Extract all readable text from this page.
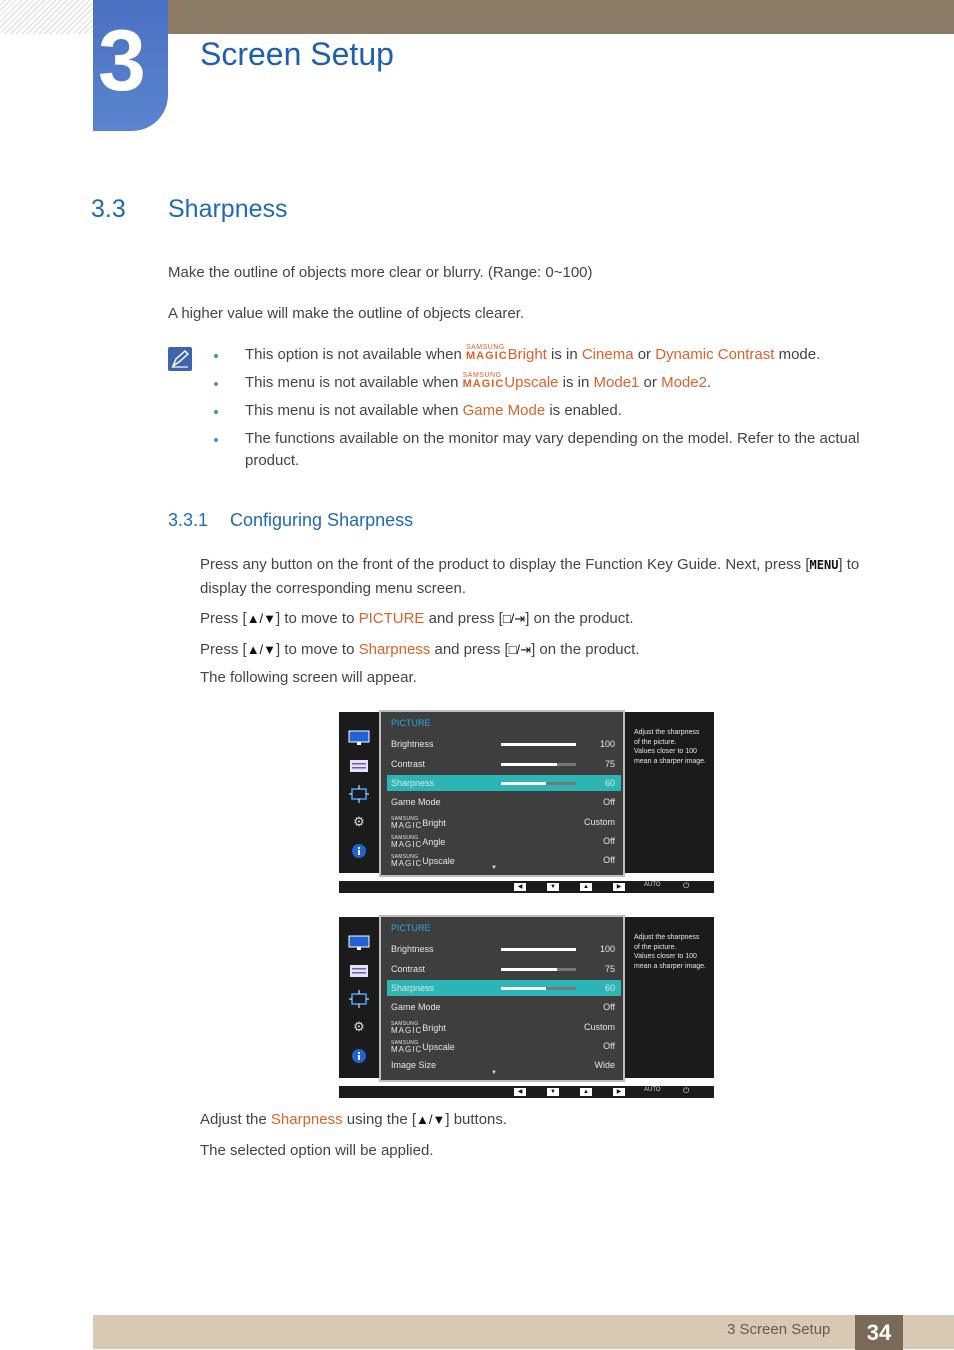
3 Screen Setup
3.3 Sharpness
Make the outline of objects more clear or blurry. (Range: 0~100)
A higher value will make the outline of objects clearer.
This option is not available when SAMSUNG
MAGIC Bright is in Cinema or Dynamic Contrast mode.
This menu is not available when SAMSUNG
MAGIC Upscale is in Mode1 or Mode2.
This menu is not available when Game Mode is enabled.
The functions available on the monitor may vary depending on the model. Refer to the actual
product.
3.3.1 Configuring Sharpness
Press any button on the front of the product to display the Function Key Guide. Next, press [MENU] to
display the corresponding menu screen.
Press [▲/▼] to move to PICTURE and press [□/⇥] on the product.
Press [▲/▼] to move to Sharpness and press [□/⇥] on the product.
The following screen will appear.
⚙
PICTURE
Brightness	100
Contrast	75
Sharpness	60
Game Mode	Off
SAMSUNG
MAGIC Bright	Custom
SAMSUNG
MAGIC Angle	Off
SAMSUNG
MAGIC Upscale	Off
▼
Adjust the sharpness
of the picture.
Values closer to 100
mean a sharper image.
◀	▼	▲	▶	AUTO	⏻
⚙
PICTURE
Brightness	100
Contrast	75
Sharpness	60
Game Mode	Off
SAMSUNG
MAGIC Bright	Custom
SAMSUNG
MAGIC Upscale	Off
Image Size	Wide
▼
Adjust the sharpness
of the picture.
Values closer to 100
mean a sharper image.
◀	▼	▲	▶	AUTO	⏻
Adjust the Sharpness using the [▲/▼] buttons.
The selected option will be applied.
3 Screen Setup	34
